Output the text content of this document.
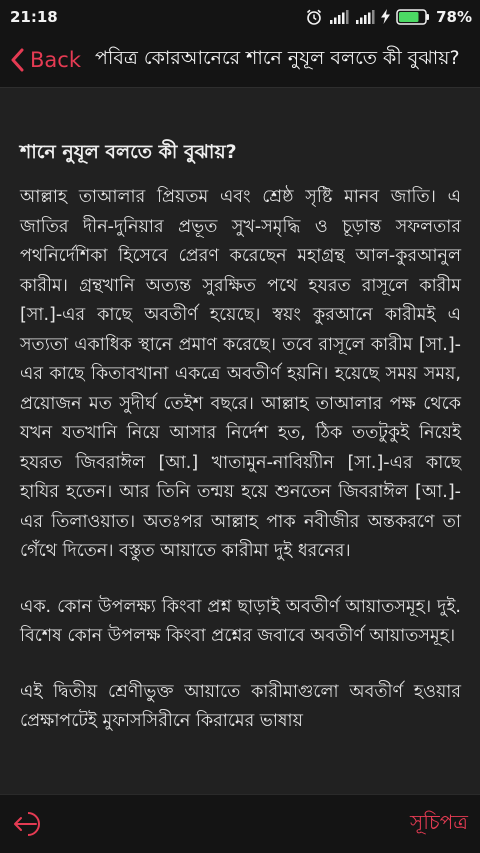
21:18	78%
Back পবিত্র কোরআনেরে শানে নুযূল বলতে কী বুঝায়?
শানে নুযূল বলতে কী বুঝায়?

আল্লাহ তাআলার প্রিয়তম এবং শ্রেষ্ঠ সৃষ্টি মানব জাতি। এ জাতির দীন-দুনিয়ার প্রভূত সুখ-সমৃদ্ধি ও চূড়ান্ত সফলতার পথনির্দেশিকা হিসেবে প্রেরণ করেছেন মহাগ্রন্থ আল-কুরআনুল কারীম। গ্রন্থখানি অত্যন্ত সুরক্ষিত পথে হযরত রাসূলে কারীম [সা.]-এর কাছে অবতীর্ণ হয়েছে। স্বয়ং কুরআনে কারীমই এ সত্যতা একাধিক স্থানে প্রমাণ করেছে। তবে রাসূলে কারীম [সা.]-এর কাছে কিতাবখানা একত্রে অবতীর্ণ হয়নি। হয়েছে সময় সময়, প্রয়োজন মত সুদীর্ঘ তেইশ বছরে। আল্লাহ তাআলার পক্ষ থেকে যখন যতখানি নিয়ে আসার নির্দেশ হত, ঠিক ততটুকুই নিয়েই হযরত জিবরাঈল [আ.] খাতামুন-নাবিয়্যীন [সা.]-এর কাছে হাযির হতেন। আর তিনি তন্ময় হয়ে শুনতেন জিবরাঈল [আ.]-এর তিলাওয়াত। অতঃপর আল্লাহ পাক নবীজীর অন্তকরণে তা গেঁথে দিতেন। বস্তুত আয়াতে কারীমা দুই ধরনের।

এক. কোন উপলক্ষ্য কিংবা প্রশ্ন ছাড়াই অবতীর্ণ আয়াতসমূহ। দুই. বিশেষ কোন উপলক্ষ কিংবা প্রশ্নের জবাবে অবতীর্ণ আয়াতসমূহ।

এই দ্বিতীয় শ্রেণীভুক্ত আয়াতে কারীমাগুলো অবতীর্ণ হওয়ার প্রেক্ষাপটেই মুফাসসিরীনে কিরামের ভাষায়

সূচিপত্র
